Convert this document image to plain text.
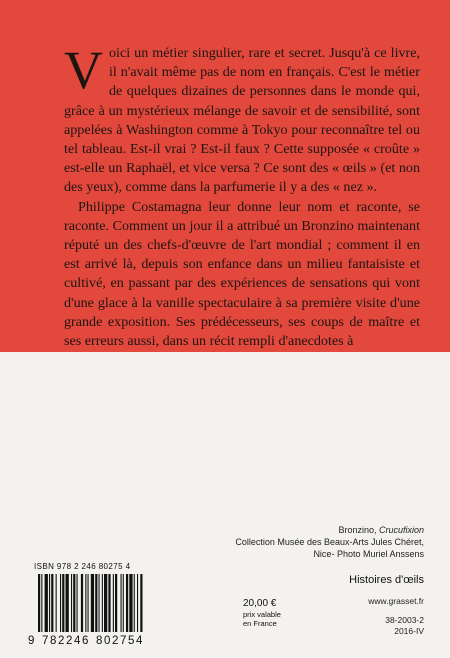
Voici un métier singulier, rare et secret. Jusqu'à ce livre, il n'avait même pas de nom en français. C'est le métier de quelques dizaines de personnes dans le monde qui, grâce à un mystérieux mélange de savoir et de sensibilité, sont appelées à Washington comme à Tokyo pour reconnaître tel ou tel tableau. Est-il vrai ? Est-il faux ? Cette supposée « croûte » est-elle un Raphaël, et vice versa ? Ce sont des « œils » (et non des yeux), comme dans la parfumerie il y a des « nez ».

Philippe Costamagna leur donne leur nom et raconte, se raconte. Comment un jour il a attribué un Bronzino maintenant réputé un des chefs-d'œuvre de l'art mondial ; comment il en est arrivé là, depuis son enfance dans un milieu fantaisiste et cultivé, en passant par des expériences de sensations qui vont d'une glace à la vanille spectaculaire à sa première visite d'une grande exposition. Ses prédécesseurs, ses coups de maître et ses erreurs aussi, dans un récit rempli d'anecdotes à

Bronzino, Crucufixion
Collection Musée des Beaux-Arts Jules Chéret,
Nice- Photo Muriel Anssens
Histoires d'œils
ISBN 978 2 246 80275 4
9 782246 802754
20,00 €
prix valable
en France
www.grasset.fr
38-2003-2
2016-IV
